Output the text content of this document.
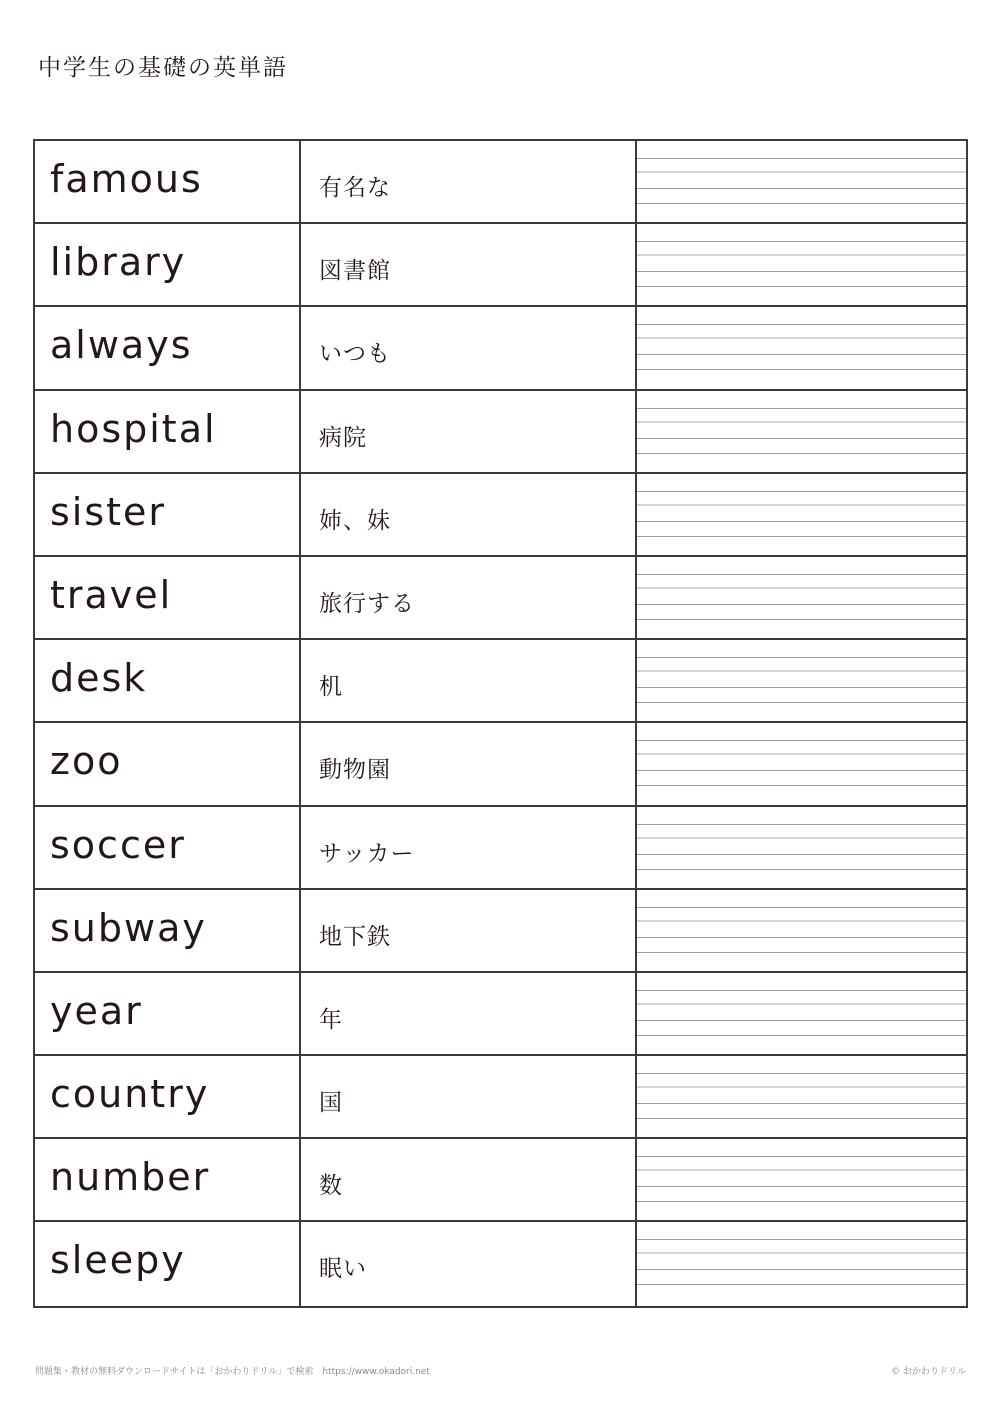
中学生の基礎の英単語
famous	有名な
library	図書館
always	いつも
hospital	病院
sister	姉、妹
travel	旅行する
desk	机
zoo	動物園
soccer	サッカー
subway	地下鉄
year	年
country	国
number	数
sleepy	眠い
問題集・教材の無料ダウンロードサイトは「おかわりドリル」で検索　https://www.okadori.net	© おかわりドリル
